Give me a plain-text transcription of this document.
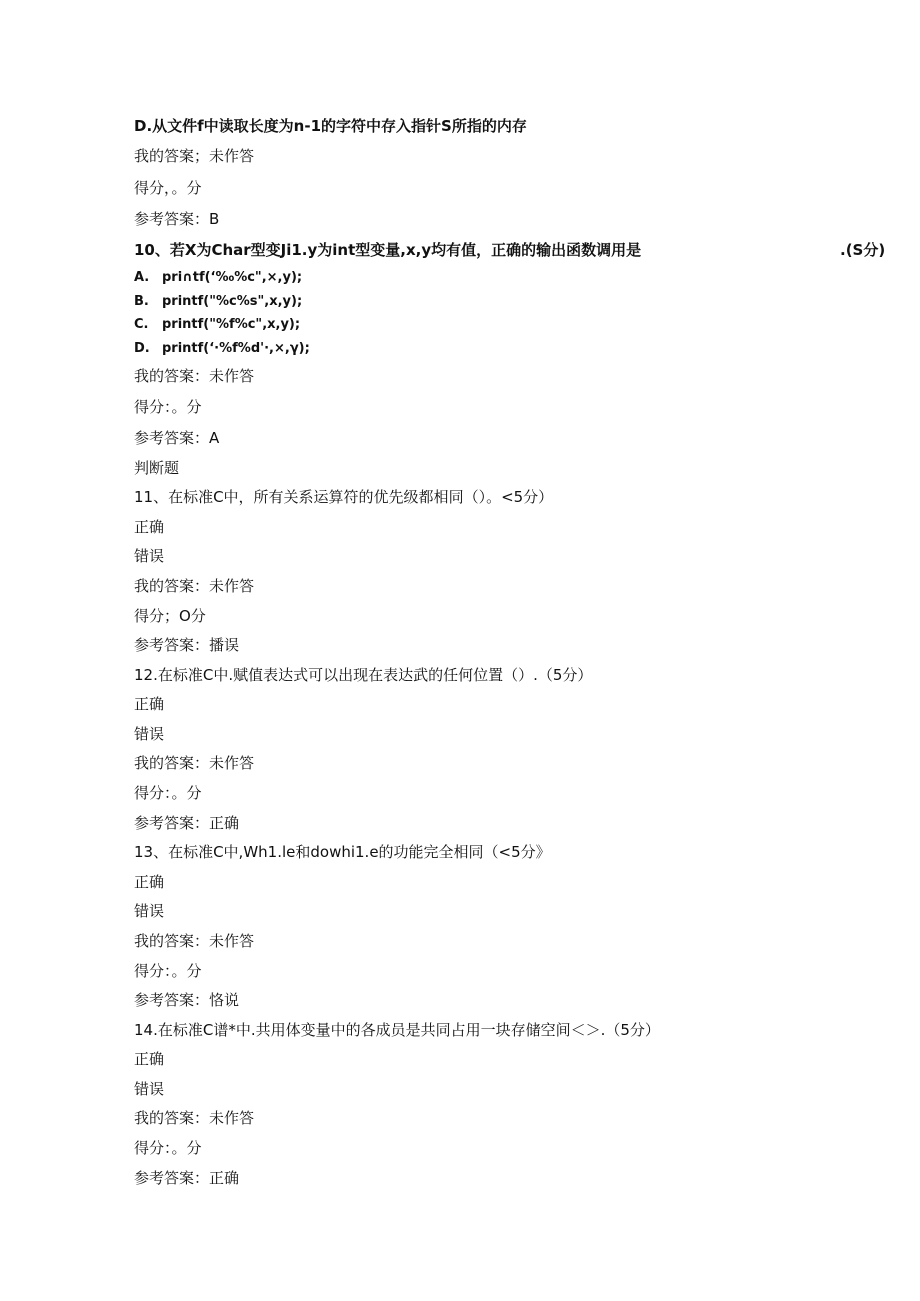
D.从文件f中读取长度为n-1的字符中存入指针S所指的内存
我的答案；未作答
得分，。分
参考答案：B
10、若X为Char型变Ji1.y为int型变量,x,y均有值，正确的输出函数调用是	.(S分)
A. pri∩tf(‘‰%c",×,y);
B. printf("%c%s",x,y);
C. printf("%f%c",x,y);
D. printf(‘·%f%d'·,×,γ);
我的答案：未作答
得分：。分
参考答案：A
判断题
11、在标准C中，所有关系运算符的优先级都相同（）。<5分）
正确
错误
我的答案：未作答
得分；O分
参考答案：播误
12.在标准C中.赋值表达式可以出现在表达武的任何位置（）.（5分）
正确
错误
我的答案：未作答
得分：。分
参考答案：正确
13、在标准C中,Wh1.le和dowhi1.e的功能完全相同（<5分》
正确
错误
我的答案：未作答
得分：。分
参考答案：恪说
14.在标准C谱*中.共用体变量中的各成员是共同占用一块存储空间＜＞.（5分）
正确
错误
我的答案：未作答
得分：。分
参考答案：正确
